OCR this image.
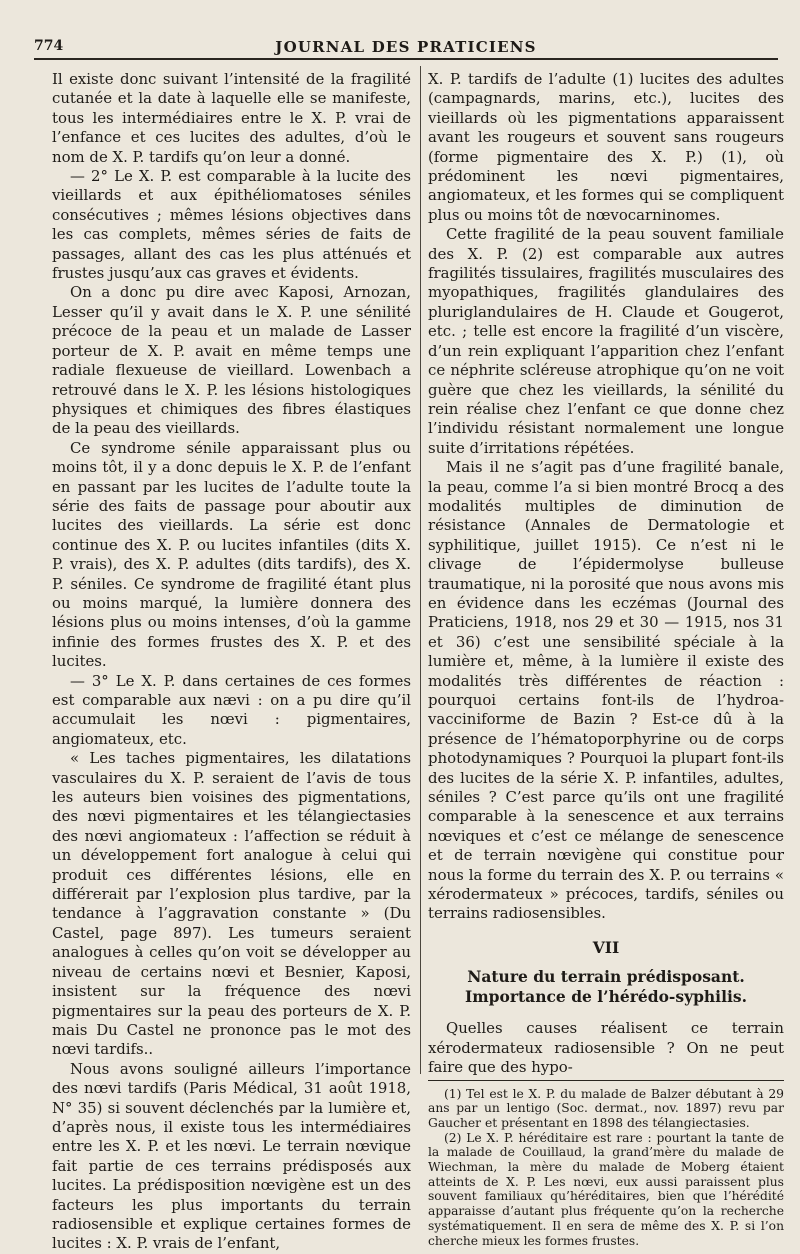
774	JOURNAL DES PRATICIENS

Il existe donc suivant l’intensité de la fragilité cutanée et la date à laquelle elle se manifeste, tous les intermédiaires entre le X. P. vrai de l’enfance et ces lucites des adultes, d’où le nom de X. P. tardifs qu’on leur a donné.

— 2° Le X. P. est comparable à la lucite des vieillards et aux épithéliomatoses séniles consécutives ; mêmes lésions objectives dans les cas complets, mêmes séries de faits de passages, allant des cas les plus atténués et frustes jusqu’aux cas graves et évidents.

On a donc pu dire avec Kaposi, Arnozan, Lesser qu’il y avait dans le X. P. une sénilité précoce de la peau et un malade de Lasser porteur de X. P. avait en même temps une radiale flexueuse de vieillard. Lowenbach a retrouvé dans le X. P. les lésions histologiques physiques et chimiques des fibres élastiques de la peau des vieillards.

Ce syndrome sénile apparaissant plus ou moins tôt, il y a donc depuis le X. P. de l’enfant en passant par les lucites de l’adulte toute la série des faits de passage pour aboutir aux lucites des vieillards. La série est donc continue des X. P. ou lucites infantiles (dits X. P. vrais), des X. P. adultes (dits tardifs), des X. P. séniles. Ce syndrome de fragilité étant plus ou moins marqué, la lumière donnera des lésions plus ou moins intenses, d’où la gamme infinie des formes frustes des X. P. et des lucites.

— 3° Le X. P. dans certaines de ces formes est comparable aux nævi : on a pu dire qu’il accumulait les nœvi : pigmentaires, angiomateux, etc.

« Les taches pigmentaires, les dilatations vasculaires du X. P. seraient de l’avis de tous les auteurs bien voisines des pigmentations, des nœvi pigmentaires et les télangiectasies des nœvi angiomateux : l’affection se réduit à un développement fort analogue à celui qui produit ces différentes lésions, elle en différerait par l’explosion plus tardive, par la tendance à l’aggravation constante » (Du Castel, page 897). Les tumeurs seraient analogues à celles qu’on voit se développer au niveau de certains nœvi et Besnier, Kaposi, insistent sur la fréquence des nœvi pigmentaires sur la peau des porteurs de X. P. mais Du Castel ne prononce pas le mot des nœvi tardifs..

Nous avons souligné ailleurs l’importance des nœvi tardifs (Paris Médical, 31 août 1918, N° 35) si souvent déclenchés par la lumière et, d’après nous, il existe tous les intermédiaires entre les X. P. et les nœvi. Le terrain nœvique fait partie de ces terrains prédisposés aux lucites. La prédisposition nœvigène est un des facteurs les plus importants du terrain radiosensible et explique certaines formes de lucites : X. P. vrais de l’enfant,

X. P. tardifs de l’adulte (1) lucites des adultes (campagnards, marins, etc.), lucites des vieillards où les pigmentations apparaissent avant les rougeurs et souvent sans rougeurs (forme pigmentaire des X. P.) (1), où prédominent les nœvi pigmentaires, angiomateux, et les formes qui se compliquent plus ou moins tôt de nœvocarninomes.

Cette fragilité de la peau souvent familiale des X. P. (2) est comparable aux autres fragilités tissulaires, fragilités musculaires des myopathiques, fragilités glandulaires des pluriglandulaires de H. Claude et Gougerot, etc. ; telle est encore la fragilité d’un viscère, d’un rein expliquant l’apparition chez l’enfant ce néphrite scléreuse atrophique qu’on ne voit guère que chez les vieillards, la sénilité du rein réalise chez l’enfant ce que donne chez l’individu résistant normalement une longue suite d’irritations répétées.

Mais il ne s’agit pas d’une fragilité banale, la peau, comme l’a si bien montré Brocq a des modalités multiples de diminution de résistance (Annales de Dermatologie et syphilitique, juillet 1915). Ce n’est ni le clivage de l’épidermolyse bulleuse traumatique, ni la porosité que nous avons mis en évidence dans les eczémas (Journal des Praticiens, 1918, nos 29 et 30 — 1915, nos 31 et 36) c’est une sensibilité spéciale à la lumière et, même, à la lumière il existe des modalités très différentes de réaction : pourquoi certains font-ils de l’hydroa-vacciniforme de Bazin ? Est-ce dû à la présence de l’hématoporphyrine ou de corps photodynamiques ? Pourquoi la plupart font-ils des lucites de la série X. P. infantiles, adultes, séniles ? C’est parce qu’ils ont une fragilité comparable à la senescence et aux terrains nœviques et c’est ce mélange de senescence et de terrain nœvigène qui constitue pour nous la forme du terrain des X. P. ou terrains « xérodermateux » précoces, tardifs, séniles ou terrains radiosensibles.

VII
Nature du terrain prédisposant.
Importance de l’hérédo-syphilis.

Quelles causes réalisent ce terrain xérodermateux radiosensible ? On ne peut faire que des hypo-

(1) Tel est le X. P. du malade de Balzer débutant à 29 ans par un lentigo (Soc. dermat., nov. 1897) revu par Gaucher et présentant en 1898 des télangiectasies.
(2) Le X. P. héréditaire est rare : pourtant la tante de la malade de Couillaud, la grand’mère du malade de Wiechman, la mère du malade de Moberg étaient atteints de X. P. Les nœvi, eux aussi paraissent plus souvent familiaux qu’héréditaires, bien que l’hérédité apparaisse d’autant plus fréquente qu’on la recherche systématiquement. Il en sera de même des X. P. si l’on cherche mieux les formes frustes.
